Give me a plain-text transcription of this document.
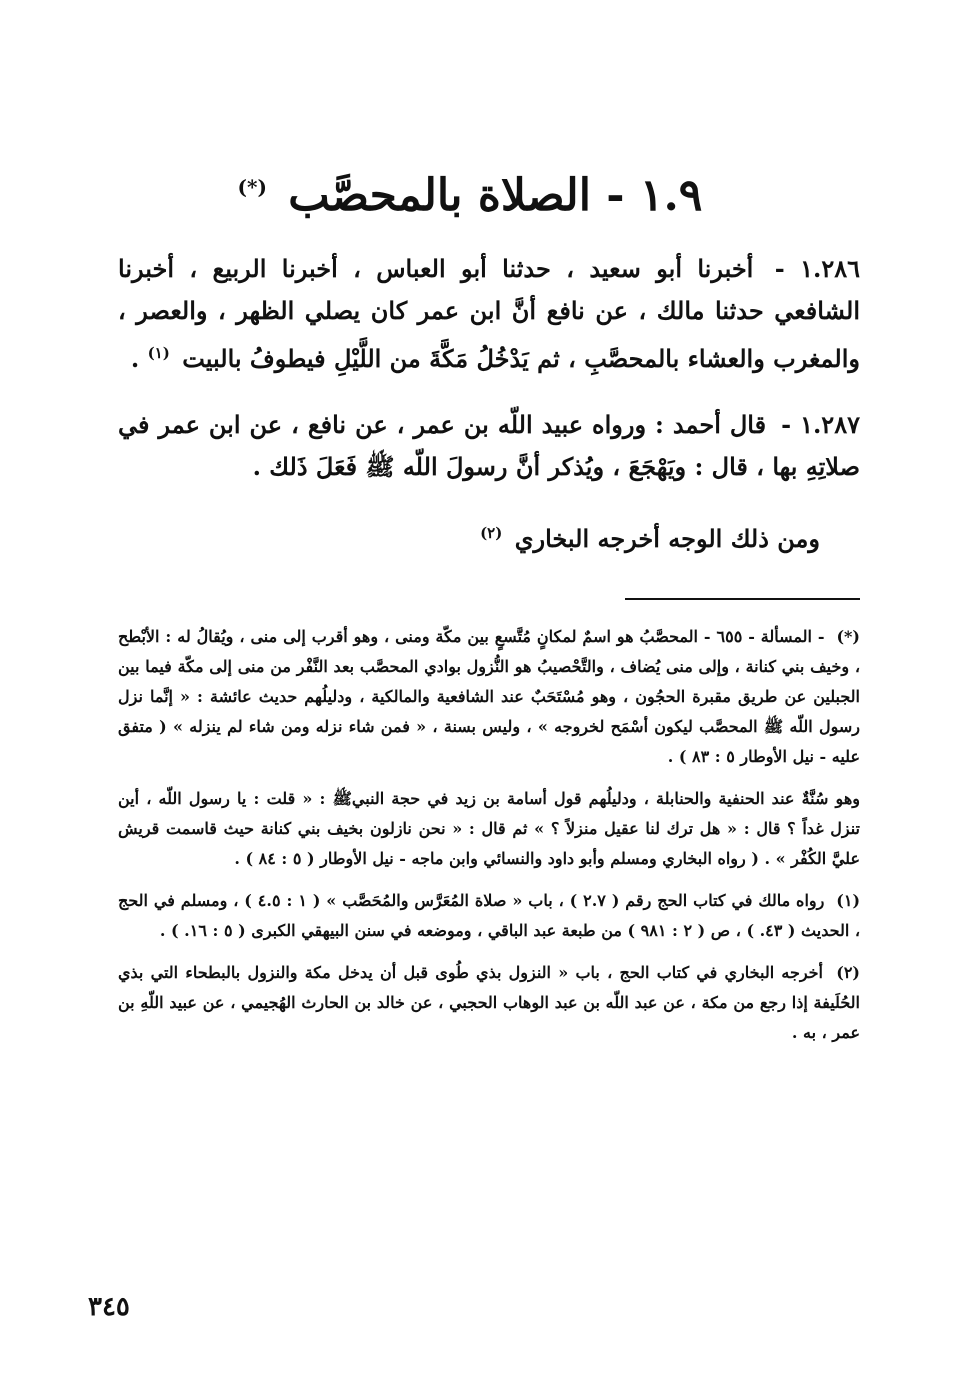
١.٩ - الصلاة بالمحصَّب (*)

١.٢٨٦ - أخبرنا أبو سعيد ، حدثنا أبو العباس ، أخبرنا الربيع ، أخبرنا الشافعي حدثنا مالك ، عن نافع أنَّ ابن عمر كان يصلي الظهر ، والعصر ، والمغرب والعشاء بالمحصَّبِ ، ثم يَدْخُلُ مَكَّةَ من اللَّيْلِ فيطوفُ بالبيت $^{(١)}$ .

١.٢٨٧ - قال أحمد : ورواه عبيد اللّه بن عمر ، عن نافع ، عن ابن عمر في صلاتِهِ بها ، قال : ويَهْجَعَ ، ويُذكر أنَّ رسولَ اللّه ﷺ فَعَلَ ذَلك .

ومن ذلك الوجه أخرجه البخاري $^{(٢)}$

(*) - المسألة - ٦٥٥ - المحصَّبُ هو اسمٌ لمكانٍ مُتَّسعٍ بين مكّة ومنى ، وهو أقرب إلى منى ، ويُقالُ له : الأبْطح ، وخيف بني كنانة ، وإلى منى يُضاف ، والتَّحْصيبُ هو النُّزول بوادي المحصَّب بعد النَّفْر من منى إلى مكّة فيما بين الجبلين عن طريق مقبرة الحجُون ، وهو مُسْتَحَبٌ عند الشافعية والمالكية ، ودليلُهم حديث عائشة : « إنَّما نزل رسول اللّه ﷺ المحصَّب ليكون أسْمَح لخروجه » ، وليس بسنة ، « فمن شاء نزله ومن شاء لم ينزله » ( متفق عليه - نيل الأوطار ٥ : ٨٣ ) .

وهو سُنَّةٌ عند الحنفية والحنابلة ، ودليلُهم قول أسامة بن زيد في حجة النبيﷺ : « قلت : يا رسول اللّه ، أين تنزل غداً ؟ قال : « هل ترك لنا عقيل منزلاً ؟ » ثم قال : « نحن نازلون بخيف بني كنانة حيث قاسمت قريش عليَّ الكُفْر » . ( رواه البخاري ومسلم وأبو داود والنسائي وابن ماجه - نيل الأوطار ( ٥ : ٨٤ ) .

(١) رواه مالك في كتاب الحج رقم ( ٢.٧ ) ، باب « صلاة المُعَرَّس والمُحَصَّب » ( ١ : ٤.٥ ) ، ومسلم في الحج ، الحديث ( ٤٣. ) ، ص ( ٢ : ٩٨١ ) من طبعة عبد الباقي ، وموضعه في سنن البيهقي الكبرى ( ٥ : ١٦. ) .

(٢) أخرجه البخاري في كتاب الحج ، باب « النزول بذي طُوى قبل أن يدخل مكة والنزول بالبطحاء التي بذي الحُلَيفة إذا رجع من مكة ، عن عبد اللّه بن عبد الوهاب الحجبي ، عن خالد بن الحارث الهُجيمي ، عن عبيد اللّهِ بن عمر ، به .

٣٤٥
